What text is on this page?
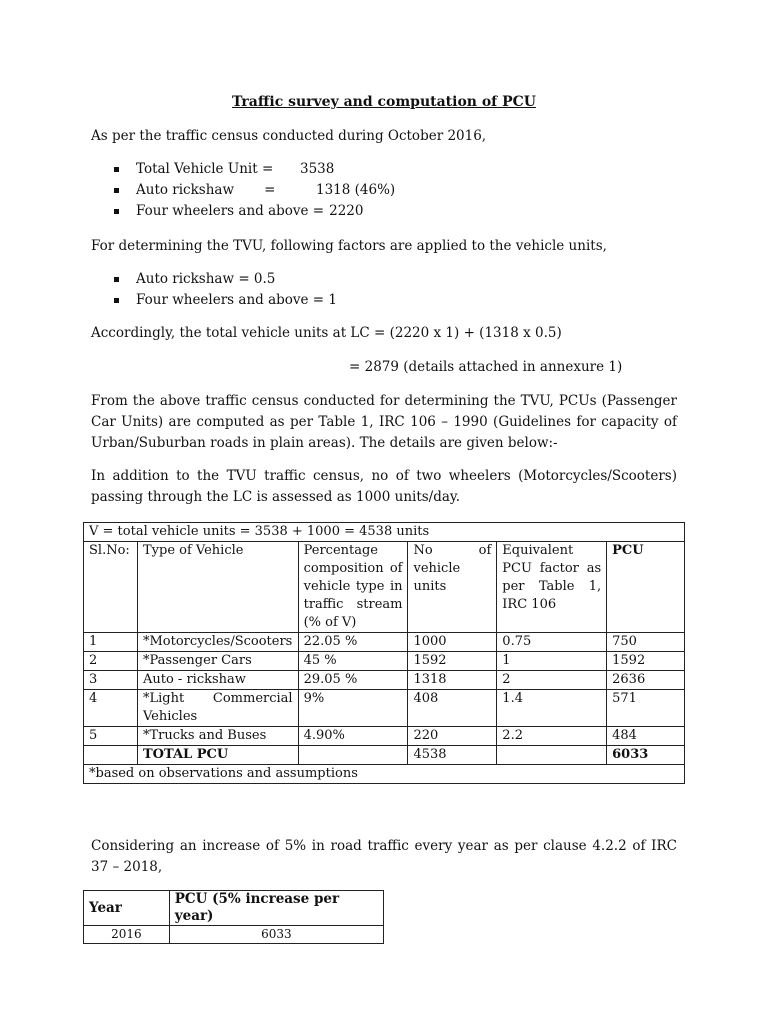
Traffic survey and computation of PCU
As per the traffic census conducted during October 2016,
Total Vehicle Unit = 3538
Auto rickshaw       =	1318 (46%)
Four wheelers and above = 2220
For determining the TVU, following factors are applied to the vehicle units,
Auto rickshaw = 0.5
Four wheelers and above = 1
Accordingly, the total vehicle units at LC = (2220 x 1) + (1318 x 0.5)
= 2879 (details attached in annexure 1)
From the above traffic census conducted for determining the TVU, PCUs (Passenger Car Units) are computed as per Table 1, IRC 106 – 1990 (Guidelines for capacity of Urban/Suburban roads in plain areas). The details are given below:-
In addition to the TVU traffic census, no of two wheelers (Motorcycles/Scooters) passing through the LC is assessed as 1000 units/day.
V = total vehicle units = 3538 + 1000 = 4538 units					
Sl.No:	Type of Vehicle	Percentage composition of vehicle type in traffic stream (% of V)	No of vehicle units	Equivalent PCU factor as per Table 1, IRC 106	PCU
1	*Motorcycles/Scooters	22.05 %	1000	0.75	750
2	*Passenger Cars	45 %	1592	1	1592
3	Auto - rickshaw	29.05 %	1318	2	2636
4	*Light Commercial Vehicles	9%	408	1.4	571
5	*Trucks and Buses	4.90%	220	2.2	484
	TOTAL PCU		4538		6033
*based on observations and assumptions					
Considering an increase of 5% in road traffic every year as per clause 4.2.2 of IRC 37 – 2018,
Year	PCU (5% increase per year)
2016	6033
